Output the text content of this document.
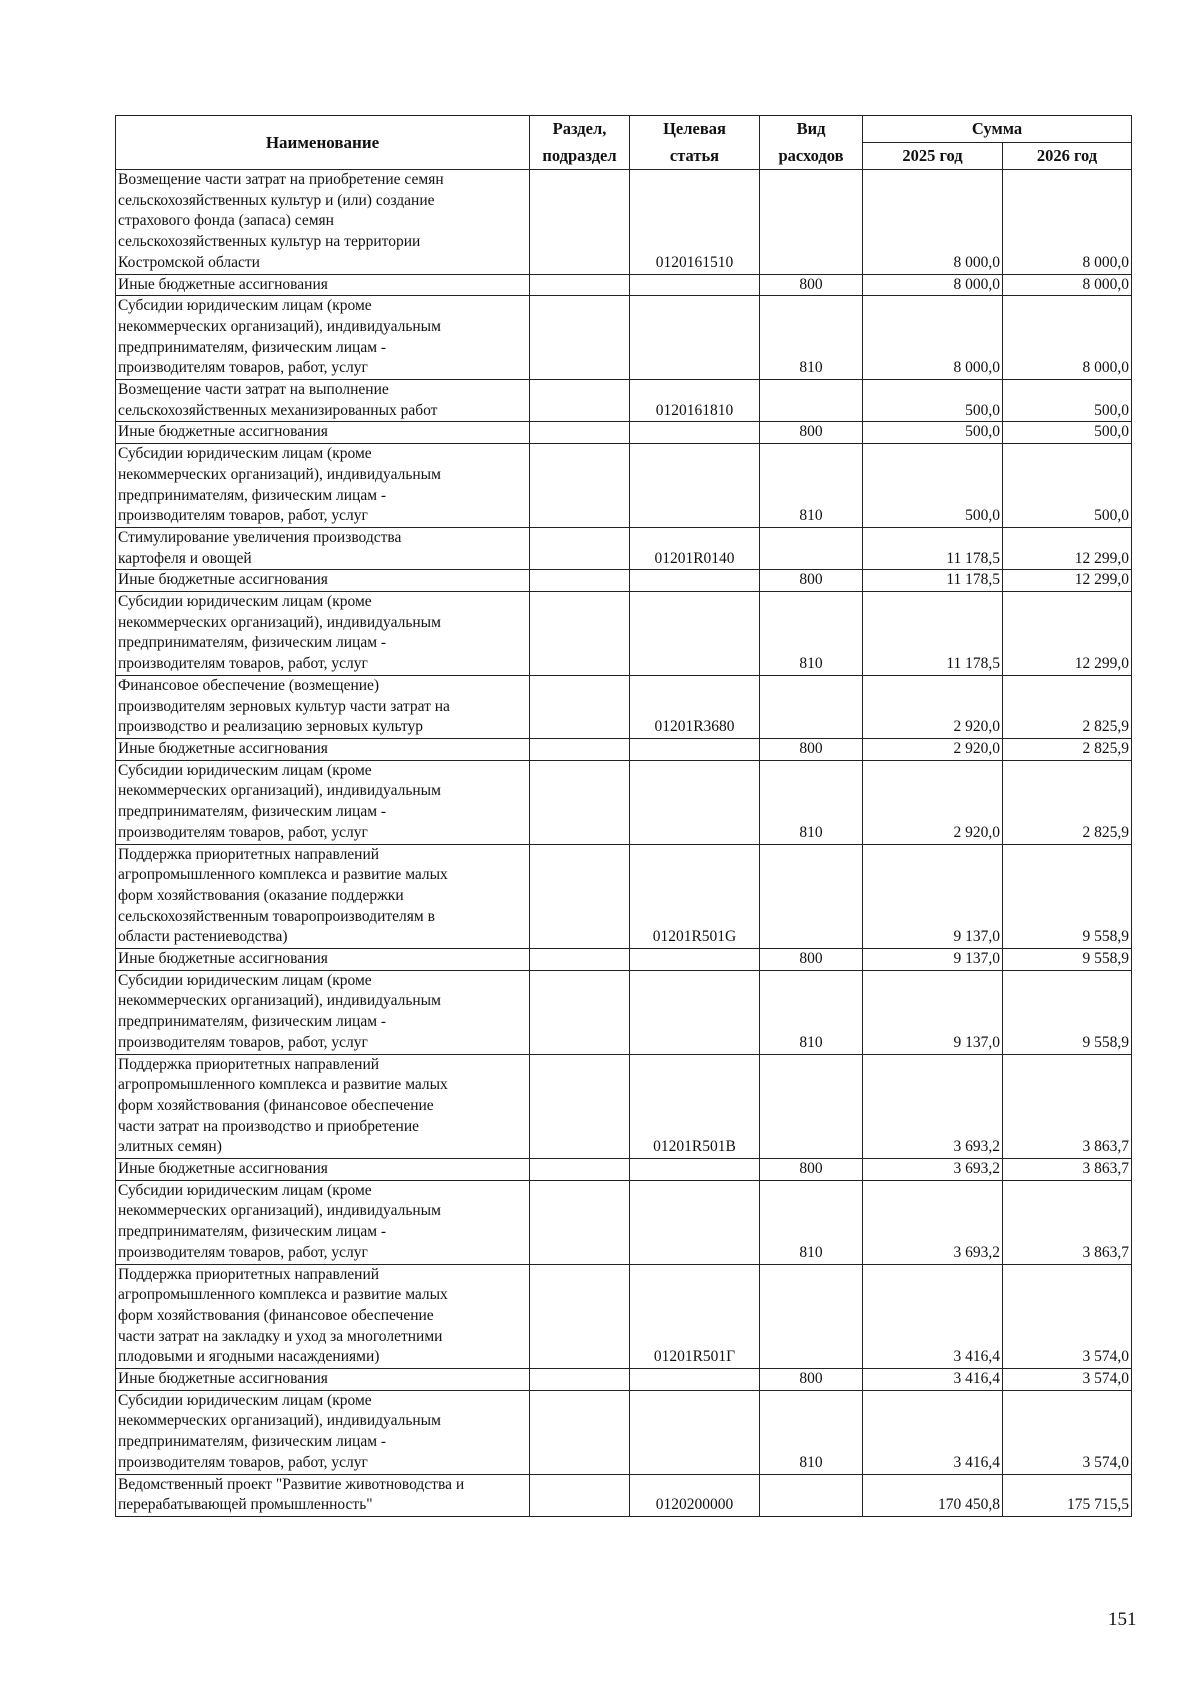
Наименование	Раздел,	Целевая	Вид	Сумма	
	подраздел	статья	расходов	2025 год	2026 год
Возмещение части затрат на приобретение семян
сельскохозяйственных культур и (или) создание
страхового фонда (запаса) семян
сельскохозяйственных культур на территории
Костромской области		0120161510		8 000,0	8 000,0
Иные бюджетные ассигнования			800	8 000,0	8 000,0
Субсидии юридическим лицам (кроме
некоммерческих организаций), индивидуальным
предпринимателям, физическим лицам -
производителям товаров, работ, услуг			810	8 000,0	8 000,0
Возмещение части затрат на выполнение
сельскохозяйственных механизированных работ		0120161810		500,0	500,0
Иные бюджетные ассигнования			800	500,0	500,0
Субсидии юридическим лицам (кроме
некоммерческих организаций), индивидуальным
предпринимателям, физическим лицам -
производителям товаров, работ, услуг			810	500,0	500,0
Стимулирование увеличения производства
картофеля и овощей		01201R0140		11 178,5	12 299,0
Иные бюджетные ассигнования			800	11 178,5	12 299,0
Субсидии юридическим лицам (кроме
некоммерческих организаций), индивидуальным
предпринимателям, физическим лицам -
производителям товаров, работ, услуг			810	11 178,5	12 299,0
Финансовое обеспечение (возмещение)
производителям зерновых культур части затрат на
производство и реализацию зерновых культур		01201R3680		2 920,0	2 825,9
Иные бюджетные ассигнования			800	2 920,0	2 825,9
Субсидии юридическим лицам (кроме
некоммерческих организаций), индивидуальным
предпринимателям, физическим лицам -
производителям товаров, работ, услуг			810	2 920,0	2 825,9
Поддержка приоритетных направлений
агропромышленного комплекса и развитие малых
форм хозяйствования (оказание поддержки
сельскохозяйственным товаропроизводителям в
области растениеводства)		01201R501G		9 137,0	9 558,9
Иные бюджетные ассигнования			800	9 137,0	9 558,9
Субсидии юридическим лицам (кроме
некоммерческих организаций), индивидуальным
предпринимателям, физическим лицам -
производителям товаров, работ, услуг			810	9 137,0	9 558,9
Поддержка приоритетных направлений
агропромышленного комплекса и развитие малых
форм хозяйствования (финансовое обеспечение
части затрат на производство и приобретение
элитных семян)		01201R501В		3 693,2	3 863,7
Иные бюджетные ассигнования			800	3 693,2	3 863,7
Субсидии юридическим лицам (кроме
некоммерческих организаций), индивидуальным
предпринимателям, физическим лицам -
производителям товаров, работ, услуг			810	3 693,2	3 863,7
Поддержка приоритетных направлений
агропромышленного комплекса и развитие малых
форм хозяйствования (финансовое обеспечение
части затрат на закладку и уход за многолетними
плодовыми и ягодными насаждениями)		01201R501Г		3 416,4	3 574,0
Иные бюджетные ассигнования			800	3 416,4	3 574,0
Субсидии юридическим лицам (кроме
некоммерческих организаций), индивидуальным
предпринимателям, физическим лицам -
производителям товаров, работ, услуг			810	3 416,4	3 574,0
Ведомственный проект "Развитие животноводства и
перерабатывающей промышленность"		0120200000		170 450,8	175 715,5
151
